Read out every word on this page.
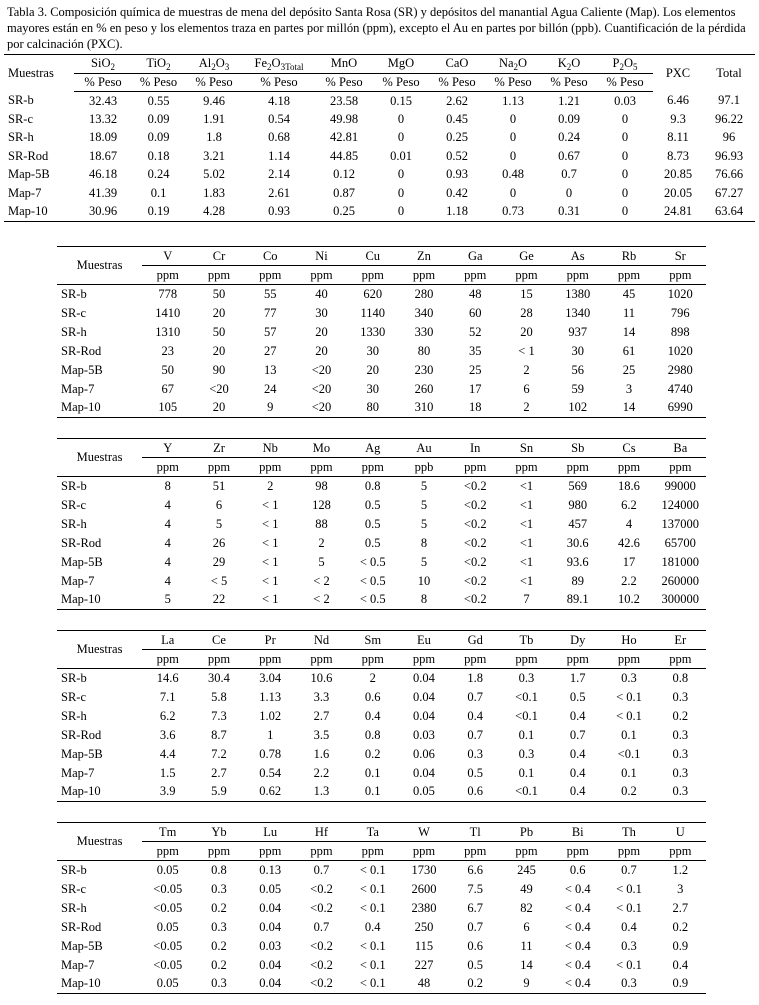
Tabla 3. Composición química de muestras de mena del depósito Santa Rosa (SR) y depósitos del manantial Agua Caliente (Map). Los elementos mayores están en % en peso y los elementos traza en partes por millón (ppm), excepto el Au en partes por billón (ppb). Cuantificación de la pérdida por calcinación (PXC).

Muestras	SiO$_2$	TiO$_2$	$Al_2O_3$	$Fe_2O_{3Total}$	MnO	MgO	CaO	$Na_2O$	$K_2O$	$P_2O_5$	PXC	Total
	% Peso	% Peso	% Peso	% Peso	% Peso	% Peso	% Peso	% Peso	% Peso	% Peso		
SR-b	32.43	0.55	9.46	4.18	23.58	0.15	2.62	1.13	1.21	0.03	6.46	97.1
SR-c	13.32	0.09	1.91	0.54	49.98	0	0.45	0	0.09	0	9.3	96.22
SR-h	18.09	0.09	1.8	0.68	42.81	0	0.25	0	0.24	0	8.11	96
SR-Rod	18.67	0.18	3.21	1.14	44.85	0.01	0.52	0	0.67	0	8.73	96.93
Map-5B	46.18	0.24	5.02	2.14	0.12	0	0.93	0.48	0.7	0	20.85	76.66
Map-7	41.39	0.1	1.83	2.61	0.87	0	0.42	0	0	0	20.05	67.27
Map-10	30.96	0.19	4.28	0.93	0.25	0	1.18	0.73	0.31	0	24.81	63.64
Muestras	V	Cr	Co	Ni	Cu	Zn	Ga	Ge	As	Rb	Sr
	ppm	ppm	ppm	ppm	ppm	ppm	ppm	ppm	ppm	ppm	ppm
SR-b	778	50	55	40	620	280	48	15	1380	45	1020
SR-c	1410	20	77	30	1140	340	60	28	1340	11	796
SR-h	1310	50	57	20	1330	330	52	20	937	14	898
SR-Rod	23	20	27	20	30	80	35	< 1	30	61	1020
Map-5B	50	90	13	<20	20	230	25	2	56	25	2980
Map-7	67	<20	24	<20	30	260	17	6	59	3	4740
Map-10	105	20	9	<20	80	310	18	2	102	14	6990
Muestras	Y	Zr	Nb	Mo	Ag	Au	In	Sn	Sb	Cs	Ba
	ppm	ppm	ppm	ppm	ppm	ppb	ppm	ppm	ppm	ppm	ppm
SR-b	8	51	2	98	0.8	5	<0.2	<1	569	18.6	99000
SR-c	4	6	< 1	128	0.5	5	<0.2	<1	980	6.2	124000
SR-h	4	5	< 1	88	0.5	5	<0.2	<1	457	4	137000
SR-Rod	4	26	< 1	2	0.5	8	<0.2	<1	30.6	42.6	65700
Map-5B	4	29	< 1	5	< 0.5	5	<0.2	<1	93.6	17	181000
Map-7	4	< 5	< 1	< 2	< 0.5	10	<0.2	<1	89	2.2	260000
Map-10	5	22	< 1	< 2	< 0.5	8	<0.2	7	89.1	10.2	300000
Muestras	La	Ce	Pr	Nd	Sm	Eu	Gd	Tb	Dy	Ho	Er
	ppm	ppm	ppm	ppm	ppm	ppm	ppm	ppm	ppm	ppm	ppm
SR-b	14.6	30.4	3.04	10.6	2	0.04	1.8	0.3	1.7	0.3	0.8
SR-c	7.1	5.8	1.13	3.3	0.6	0.04	0.7	<0.1	0.5	< 0.1	0.3
SR-h	6.2	7.3	1.02	2.7	0.4	0.04	0.4	<0.1	0.4	< 0.1	0.2
SR-Rod	3.6	8.7	1	3.5	0.8	0.03	0.7	0.1	0.7	0.1	0.3
Map-5B	4.4	7.2	0.78	1.6	0.2	0.06	0.3	0.3	0.4	<0.1	0.3
Map-7	1.5	2.7	0.54	2.2	0.1	0.04	0.5	0.1	0.4	0.1	0.3
Map-10	3.9	5.9	0.62	1.3	0.1	0.05	0.6	<0.1	0.4	0.2	0.3
Muestras	Tm	Yb	Lu	Hf	Ta	W	Tl	Pb	Bi	Th	U
	ppm	ppm	ppm	ppm	ppm	ppm	ppm	ppm	ppm	ppm	ppm
SR-b	0.05	0.8	0.13	0.7	< 0.1	1730	6.6	245	0.6	0.7	1.2
SR-c	<0.05	0.3	0.05	<0.2	< 0.1	2600	7.5	49	< 0.4	< 0.1	3
SR-h	<0.05	0.2	0.04	<0.2	< 0.1	2380	6.7	82	< 0.4	< 0.1	2.7
SR-Rod	0.05	0.3	0.04	0.7	0.4	250	0.7	6	< 0.4	0.4	0.2
Map-5B	<0.05	0.2	0.03	<0.2	< 0.1	115	0.6	11	< 0.4	0.3	0.9
Map-7	<0.05	0.2	0.04	<0.2	< 0.1	227	0.5	14	< 0.4	< 0.1	0.4
Map-10	0.05	0.3	0.04	<0.2	< 0.1	48	0.2	9	< 0.4	0.3	0.9
